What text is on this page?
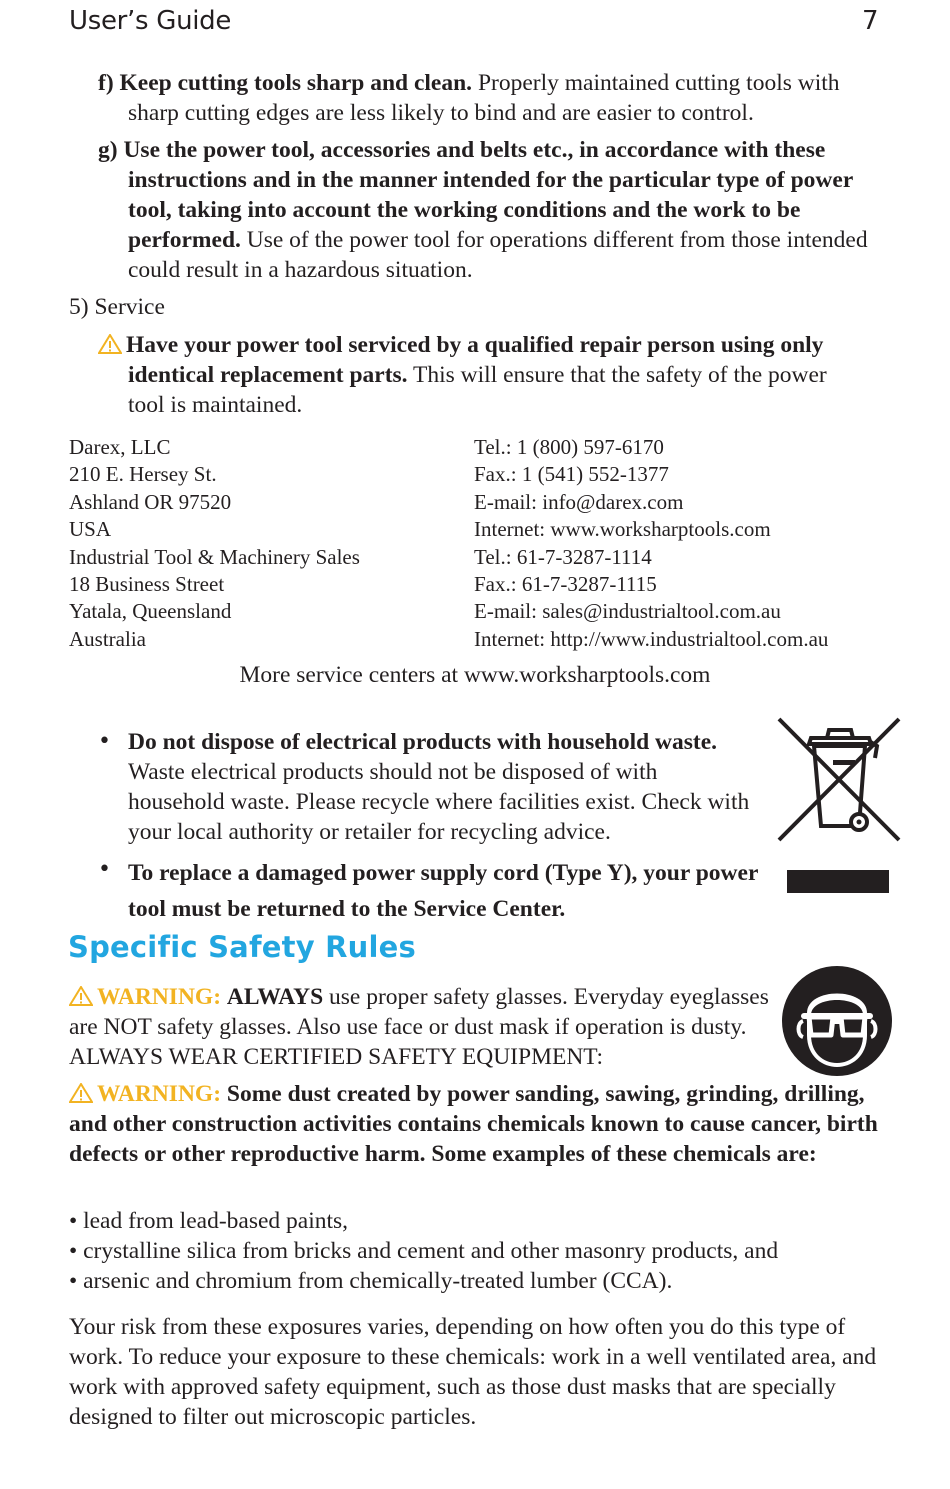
User’s Guide	7

f) Keep cutting tools sharp and clean. Properly maintained cutting tools with sharp cutting edges are less likely to bind and are easier to control.

g) Use the power tool, accessories and belts etc., in accordance with these instructions and in the manner intended for the particular type of power tool, taking into account the working conditions and the work to be performed. Use of the power tool for operations different from those intended could result in a hazardous situation.

5) Service

Have your power tool serviced by a qualified repair person using only identical replacement parts. This will ensure that the safety of the power tool is maintained.

Darex, LLC
210 E. Hersey St.
Ashland OR 97520
USA
Industrial Tool & Machinery Sales
18 Business Street
Yatala, Queensland
Australia
Tel.: 1 (800) 597-6170
Fax.: 1 (541) 552-1377
E-mail: info@darex.com
Internet: www.worksharptools.com
Tel.: 61-7-3287-1114
Fax.: 61-7-3287-1115
E-mail: sales@industrialtool.com.au
Internet: http://www.industrialtool.com.au
More service centers at www.worksharptools.com
• Do not dispose of electrical products with household waste. Waste electrical products should not be disposed of with household waste. Please recycle where facilities exist. Check with your local authority or retailer for recycling advice.
• To replace a damaged power supply cord (Type Y), your power tool must be returned to the Service Center.
Specific Safety Rules
WARNING: ALWAYS use proper safety glasses. Everyday eyeglasses are NOT safety glasses. Also use face or dust mask if operation is dusty. ALWAYS WEAR CERTIFIED SAFETY EQUIPMENT:
WARNING: Some dust created by power sanding, sawing, grinding, drilling, and other construction activities contains chemicals known to cause cancer, birth defects or other reproductive harm. Some examples of these chemicals are:
• lead from lead-based paints,
• crystalline silica from bricks and cement and other masonry products, and
• arsenic and chromium from chemically-treated lumber (CCA).
Your risk from these exposures varies, depending on how often you do this type of work. To reduce your exposure to these chemicals: work in a well ventilated area, and work with approved safety equipment, such as those dust masks that are specially designed to filter out microscopic particles.
